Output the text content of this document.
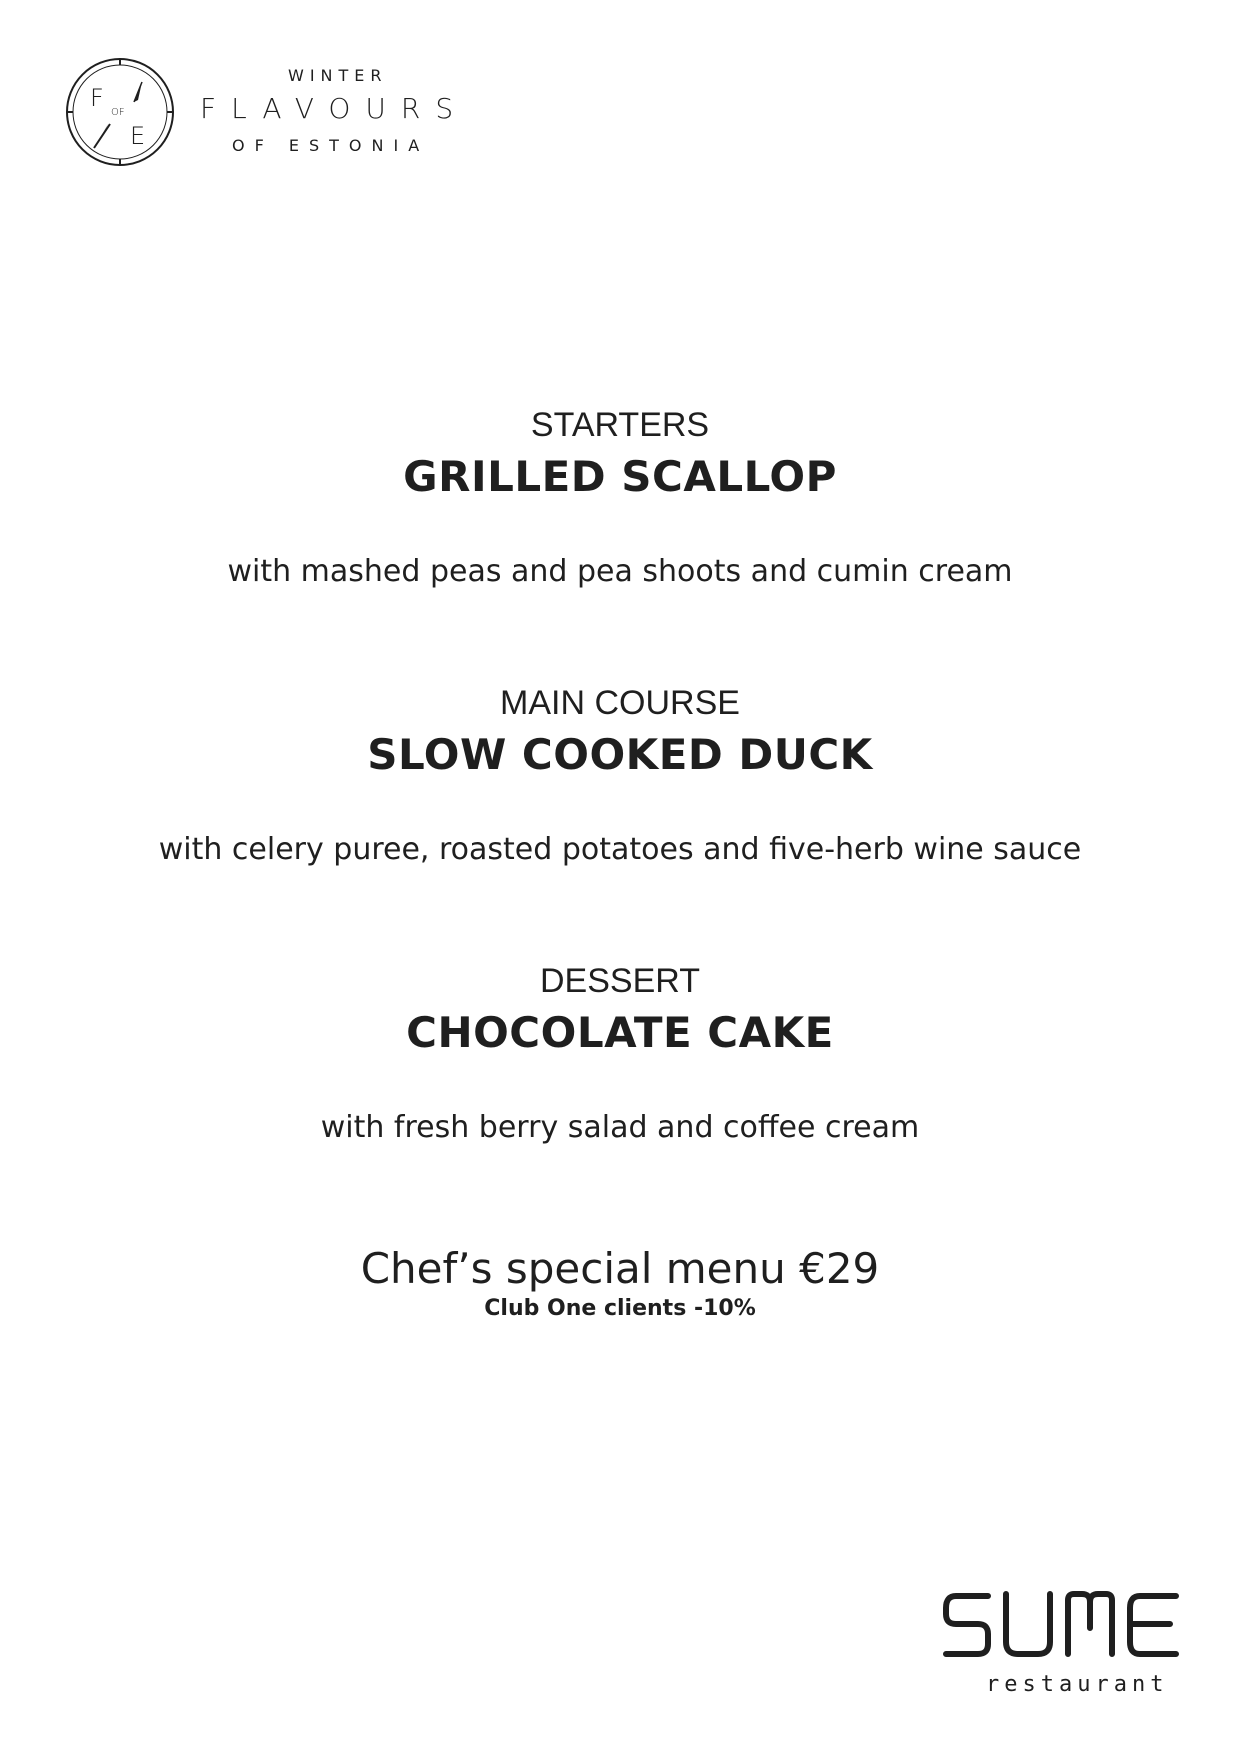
F
OF
E
WINTER
FLAVOURS
OF ESTONIA
STARTERS
GRILLED SCALLOP
with mashed peas and pea shoots and cumin cream
MAIN COURSE
SLOW COOKED DUCK
with celery puree, roasted potatoes and five-herb wine sauce
DESSERT
CHOCOLATE CAKE
with fresh berry salad and coffee cream
Chef’s special menu €29
Club One clients -10%
restaurant
